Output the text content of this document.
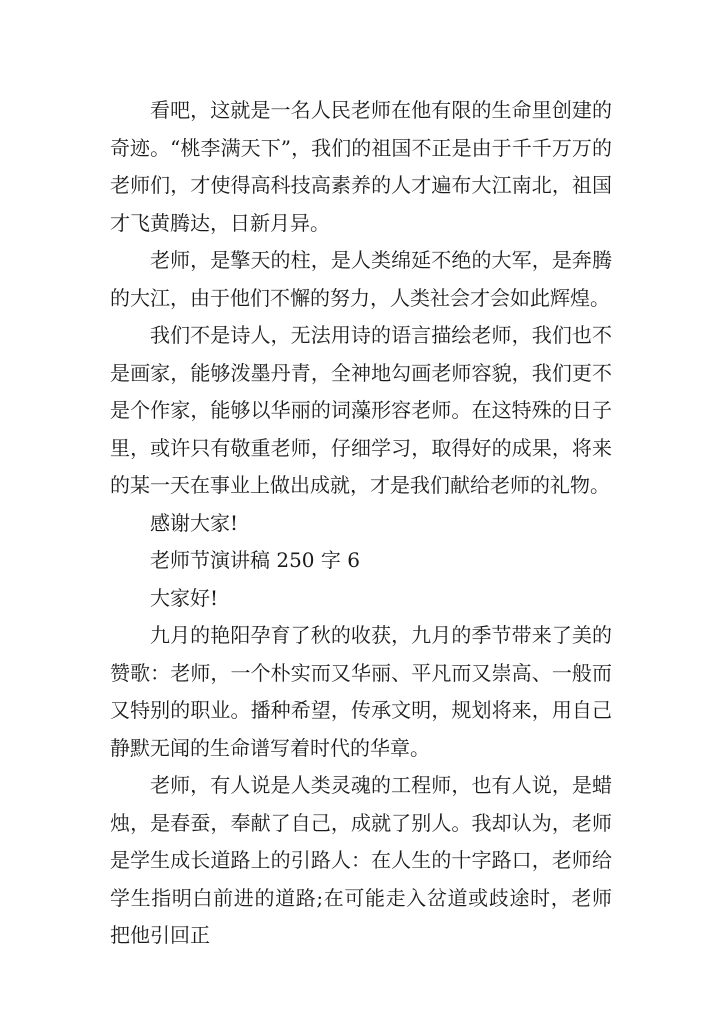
看吧，这就是一名人民老师在他有限的生命里创建的奇迹。“桃李满天下”，我们的祖国不正是由于千千万万的老师们，才使得高科技高素养的人才遍布大江南北，祖国才飞黄腾达，日新月异。

老师，是擎天的柱，是人类绵延不绝的大军，是奔腾的大江，由于他们不懈的努力，人类社会才会如此辉煌。

我们不是诗人，无法用诗的语言描绘老师，我们也不是画家，能够泼墨丹青，全神地勾画老师容貌，我们更不是个作家，能够以华丽的词藻形容老师。在这特殊的日子里，或许只有敬重老师，仔细学习，取得好的成果，将来的某一天在事业上做出成就，才是我们献给老师的礼物。

感谢大家!

老师节演讲稿 250 字 6

大家好!

九月的艳阳孕育了秋的收获，九月的季节带来了美的赞歌：老师，一个朴实而又华丽、平凡而又崇高、一般而又特别的职业。播种希望，传承文明，规划将来，用自己静默无闻的生命谱写着时代的华章。

老师，有人说是人类灵魂的工程师，也有人说，是蜡烛，是春蚕，奉献了自己，成就了别人。我却认为，老师是学生成长道路上的引路人：在人生的十字路口，老师给学生指明白前进的道路;在可能走入岔道或歧途时，老师把他引回正
